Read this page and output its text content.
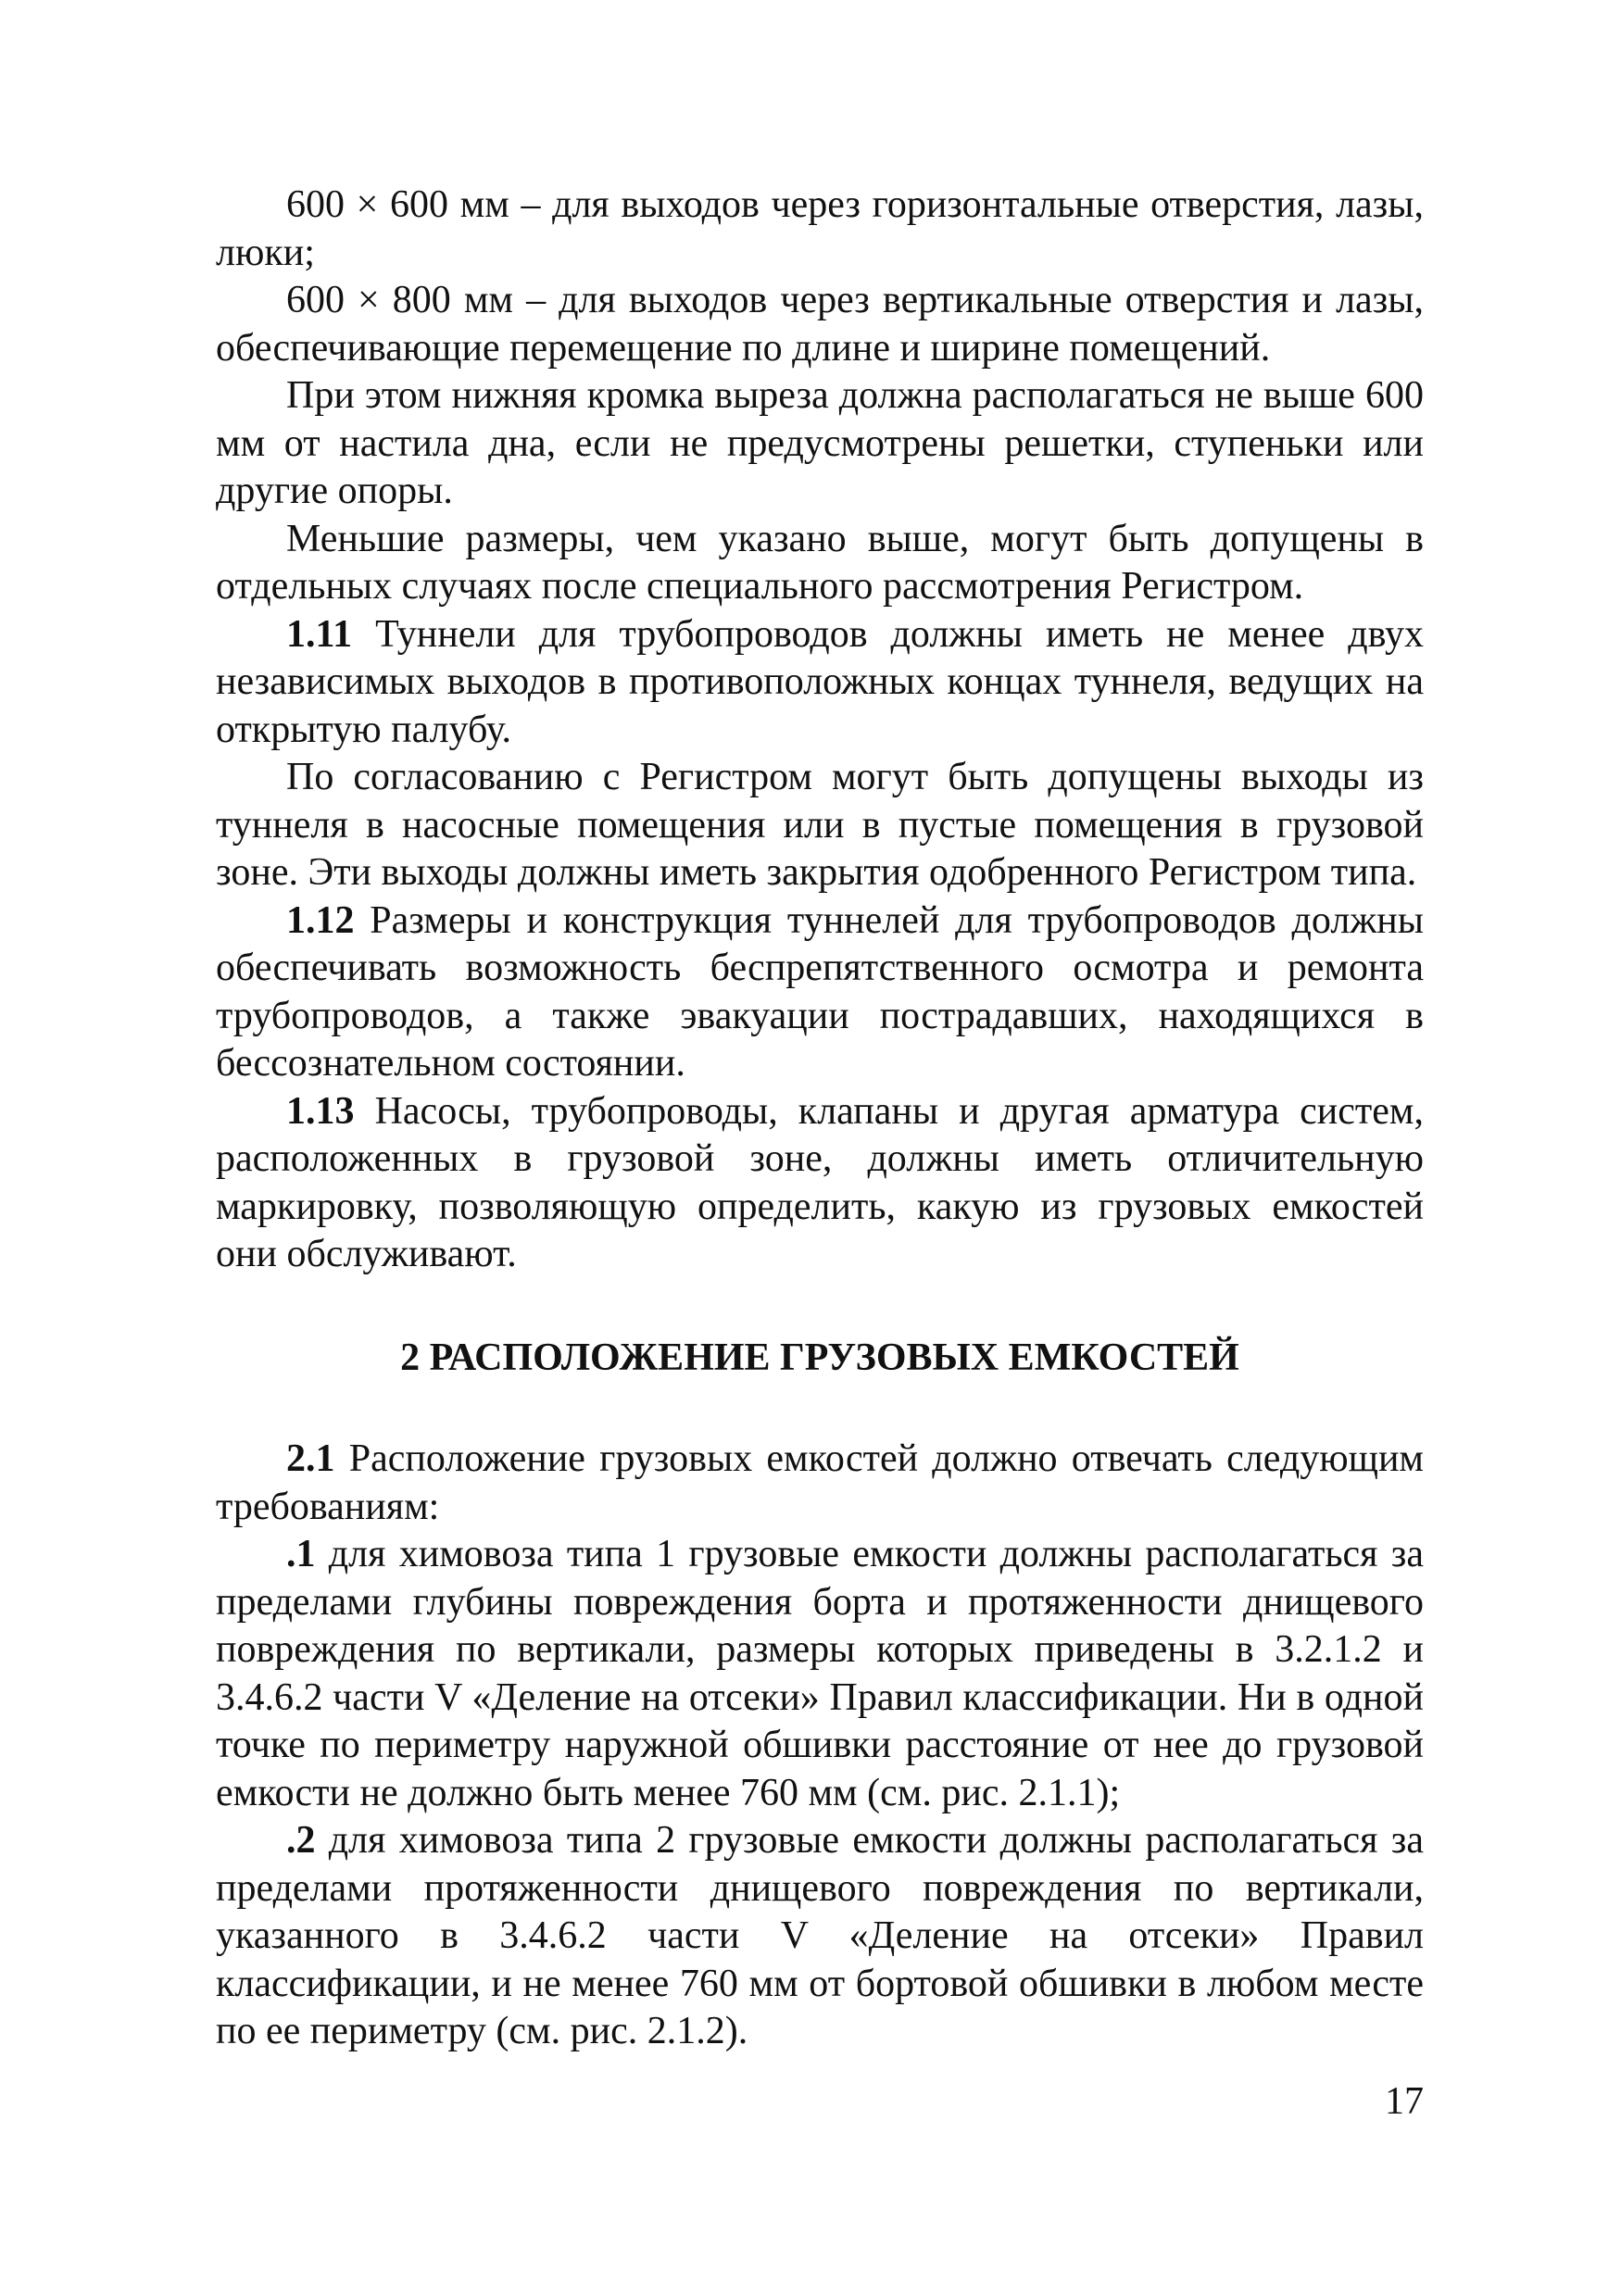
600 × 600 мм – для выходов через горизонтальные отверстия, лазы, люки;

600 × 800 мм – для выходов через вертикальные отверстия и лазы, обеспечивающие перемещение по длине и ширине помещений.

При этом нижняя кромка выреза должна располагаться не выше 600 мм от настила дна, если не предусмотрены решетки, ступеньки или другие опоры.

Меньшие размеры, чем указано выше, могут быть допущены в отдельных случаях после специального рассмотрения Регистром.

1.11 Туннели для трубопроводов должны иметь не менее двух независимых выходов в противоположных концах туннеля, ведущих на открытую палубу.

По согласованию с Регистром могут быть допущены выходы из туннеля в насосные помещения или в пустые помещения в грузовой зоне. Эти выходы должны иметь закрытия одобренного Регистром типа.

1.12 Размеры и конструкция туннелей для трубопроводов должны обеспечивать возможность беспрепятственного осмотра и ремонта трубопроводов, а также эвакуации пострадавших, находящихся в бессознательном состоянии.

1.13 Насосы, трубопроводы, клапаны и другая арматура систем, расположенных в грузовой зоне, должны иметь отличительную маркировку, позволяющую определить, какую из грузовых емкостей они обслуживают.

2 РАСПОЛОЖЕНИЕ ГРУЗОВЫХ ЕМКОСТЕЙ

2.1 Расположение грузовых емкостей должно отвечать следующим требованиям:

.1 для химовоза типа 1 грузовые емкости должны располагаться за пределами глубины повреждения борта и протяженности днищевого повреждения по вертикали, размеры которых приведены в 3.2.1.2 и 3.4.6.2 части V «Деление на отсеки» Правил классификации. Ни в одной точке по периметру наружной обшивки расстояние от нее до грузовой емкости не должно быть менее 760 мм (см. рис. 2.1.1);

.2 для химовоза типа 2 грузовые емкости должны располагаться за пределами протяженности днищевого повреждения по вертикали, указанного в 3.4.6.2 части V «Деление на отсеки» Правил классификации, и не менее 760 мм от бортовой обшивки в любом месте по ее периметру (см. рис. 2.1.2).

17
